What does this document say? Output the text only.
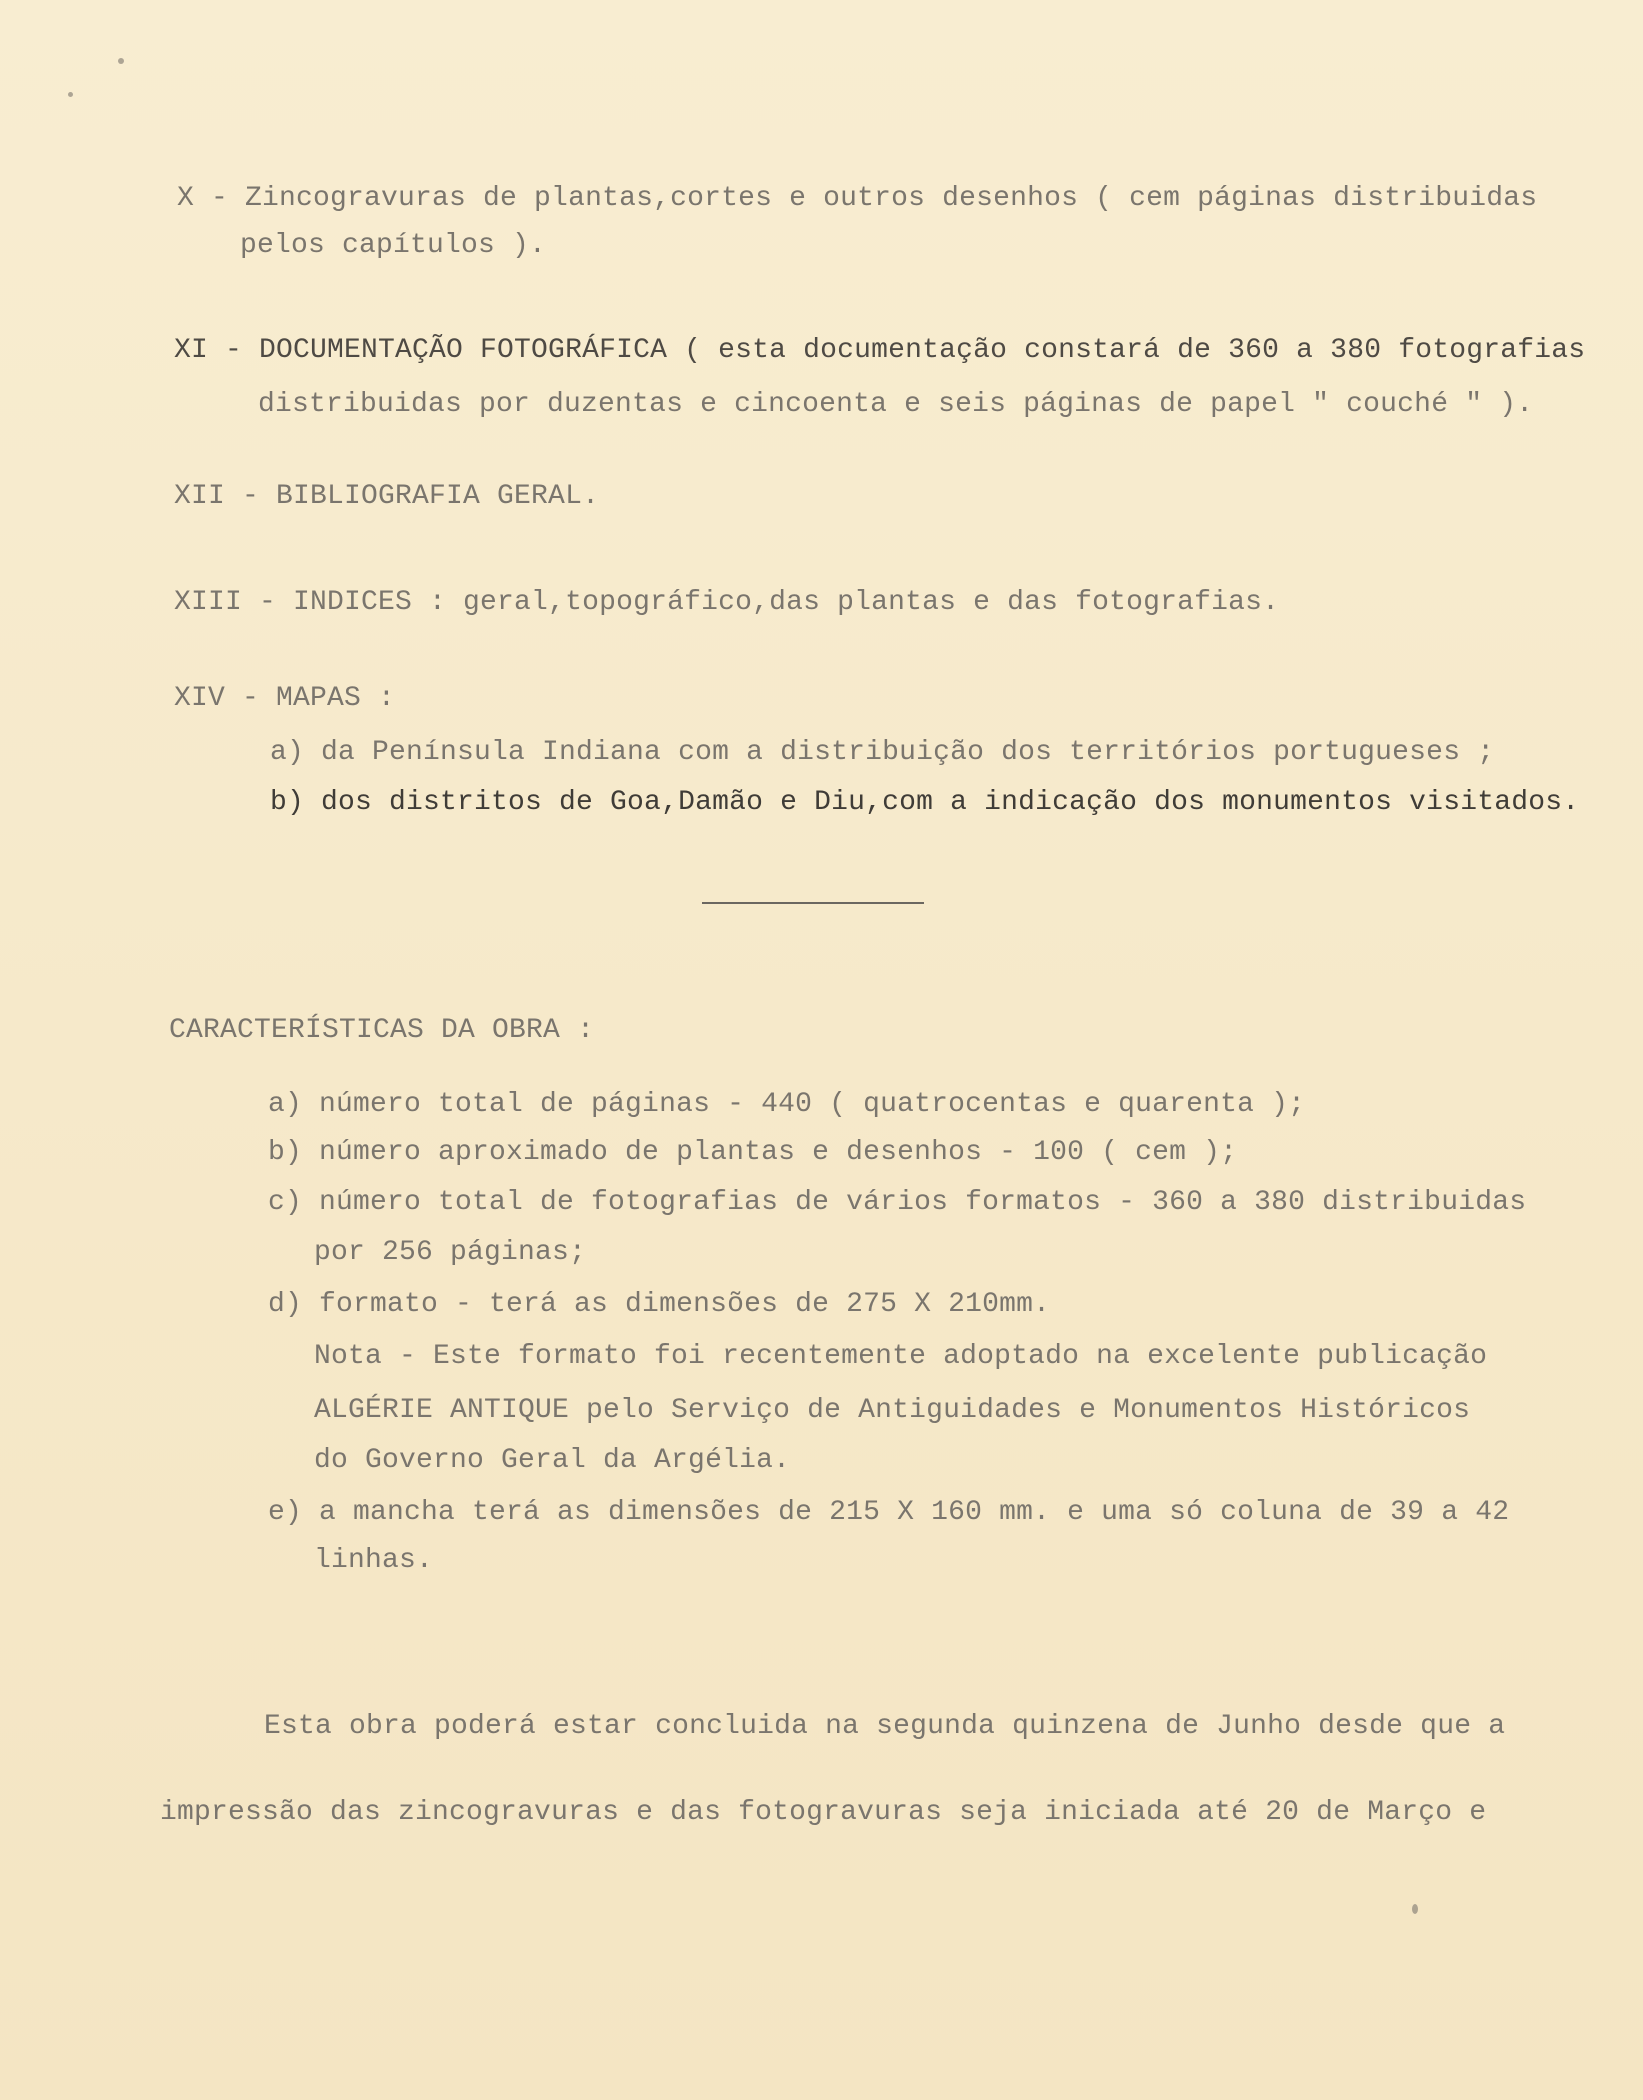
X - Zincogravuras de plantas,cortes e outros desenhos ( cem páginas distribuidas
pelos capítulos ).
XI - DOCUMENTAÇÃO FOTOGRÁFICA ( esta documentação constará de 360 a 380 fotografias
distribuidas por duzentas e cincoenta e seis páginas de papel " couché " ).
XII - BIBLIOGRAFIA GERAL.
XIII - INDICES : geral,topográfico,das plantas e das fotografias.
XIV - MAPAS :
a) da Península Indiana com a distribuição dos territórios portugueses ;
b) dos distritos de Goa,Damão e Diu,com a indicação dos monumentos visitados.
CARACTERÍSTICAS DA OBRA :
a) número total de páginas - 440 ( quatrocentas e quarenta );
b) número aproximado de plantas e desenhos - 100 ( cem );
c) número total de fotografias de vários formatos - 360 a 380 distribuidas
por 256 páginas;
d) formato - terá as dimensões de 275 X 210mm.
Nota - Este formato foi recentemente adoptado na excelente publicação
ALGÉRIE ANTIQUE pelo Serviço de Antiguidades e Monumentos Históricos
do Governo Geral da Argélia.
e) a mancha terá as dimensões de 215 X 160 mm. e uma só coluna de 39 a 42
linhas.
Esta obra poderá estar concluida na segunda quinzena de Junho desde que a
impressão das zincogravuras e das fotogravuras seja iniciada até 20 de Março e
